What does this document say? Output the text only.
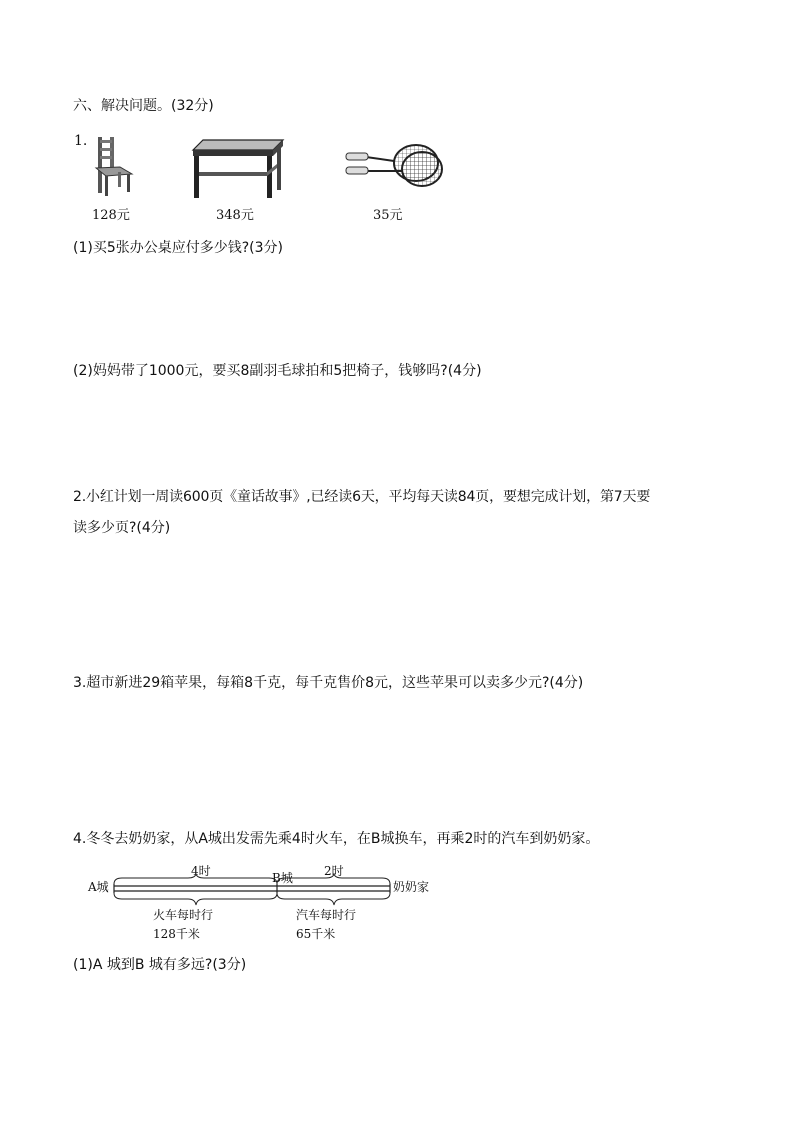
六、解决问题。(32分)
1.
128元	348元	35元
(1)买5张办公桌应付多少钱?(3分)
(2)妈妈带了1000元，要买8副羽毛球拍和5把椅子，钱够吗?(4分)
2.小红计划一周读600页《童话故事》,已经读6天，平均每天读84页，要想完成计划，第7天要
读多少页?(4分)
3.超市新进29箱苹果，每箱8千克，每千克售价8元，这些苹果可以卖多少元?(4分)
4.冬冬去奶奶家，从A城出发需先乘4时火车，在B城换车，再乘2时的汽车到奶奶家。
A城
B城
奶奶家
4时	2时
火车每时行
128千米
汽车每时行
65千米
(1)A 城到B 城有多远?(3分)
